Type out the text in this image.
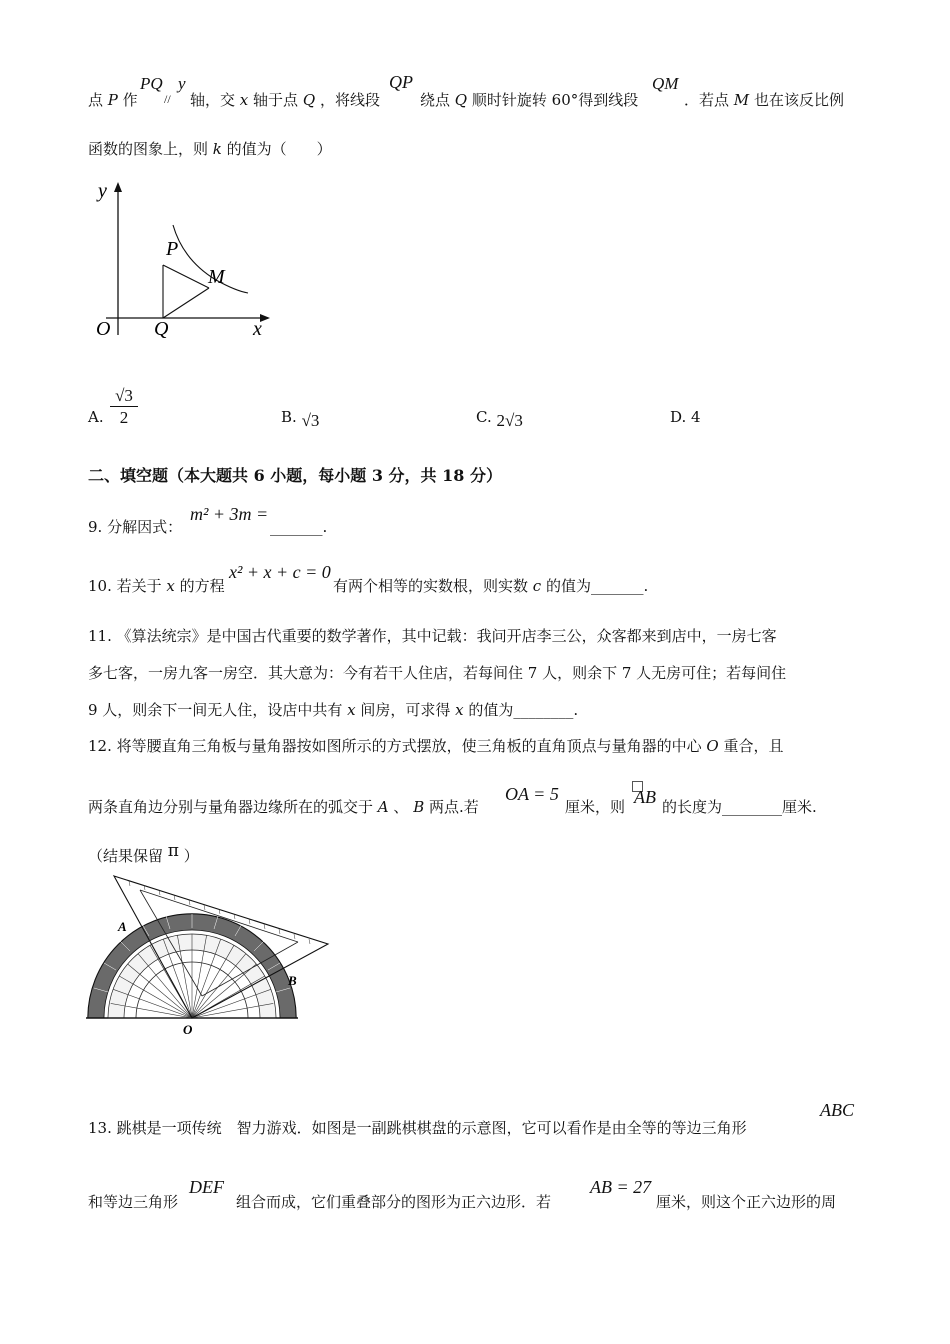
点 P 作
PQ
//
y
轴，交 x 轴于点 Q ，将线段
QP
绕点 Q 顺时针旋转 60°得到线段
QM
．若点 M 也在该反比例
函数的图象上，则 k 的值为（　　）
y
x
O Q
P
M
A. $\frac{√3}{2}$	B. √3	C. 2√3	D. 4
二、填空题（本大题共 6 小题，每小题 3 分，共 18 分）
9. 分解因式：
m² + 3m =
_______.
10. 若关于 x 的方程
x² + x + c = 0
有两个相等的实数根，则实数 c 的值为_______.
11. 《算法统宗》是中国古代重要的数学著作，其中记载：我问开店李三公，众客都来到店中，一房七客
多七客，一房九客一房空．其大意为：今有若干人住店，若每间住 7 人，则余下 7 人无房可住；若每间住
9 人，则余下一间无人住，设店中共有 x 间房，可求得 x 的值为________.
12. 将等腰直角三角板与量角器按如图所示的方式摆放，使三角板的直角顶点与量角器的中心 O 重合，且
两条直角边分别与量角器边缘所在的弧交于 A 、 B 两点.若
OA = 5
厘米，则 AB 的长度为________厘米.
（结果保留 π ）
A
B
O
13. 跳棋是一项传统　智力游戏．如图是一副跳棋棋盘的示意图，它可以看作是由全等的等边三角形
ABC
和等边三角形
DEF
组合而成，它们重叠部分的图形为正六边形．若
AB = 27
厘米，则这个正六边形的周
